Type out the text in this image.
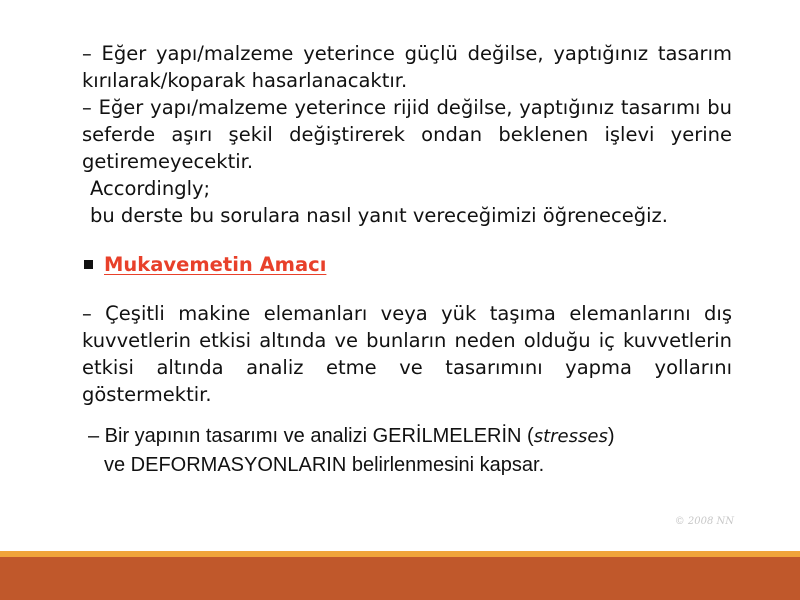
– Eğer yapı/malzeme yeterince güçlü değilse, yaptığınız tasarım kırılarak/koparak hasarlanacaktır.

– Eğer yapı/malzeme yeterince rijid değilse, yaptığınız tasarımı bu seferde aşırı şekil değiştirerek ondan beklenen işlevi yerine getiremeyecektir.

Accordingly;

bu derste bu sorulara nasıl yanıt vereceğimizi öğreneceğiz.

Mukavemetin Amacı

– Çeşitli makine elemanları veya yük taşıma elemanlarını dış kuvvetlerin etkisi altında ve bunların neden olduğu iç kuvvetlerin etkisi altında analiz etme ve tasarımını yapma yollarını göstermektir.

– Bir yapının tasarımı ve analizi GERİLMELERİN (stresses)
ve DEFORMASYONLARIN belirlenmesini kapsar.
© 2008 NN
